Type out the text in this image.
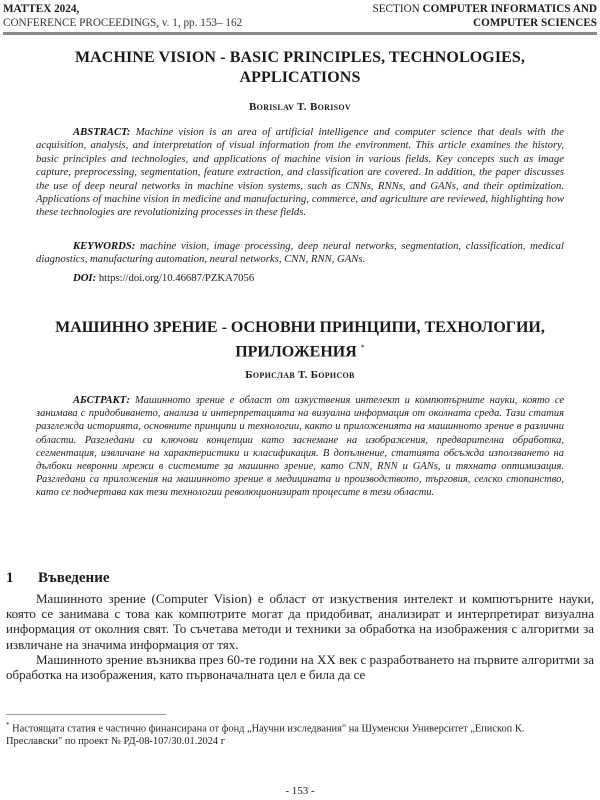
MATTEX 2024,
CONFERENCE PROCEEDINGS, v. 1, pp. 153– 162
SECTION COMPUTER INFORMATICS AND
COMPUTER SCIENCES
MACHINE VISION - BASIC PRINCIPLES, TECHNOLOGIES, APPLICATIONS
Borislav T. Borisov
ABSTRACT: Machine vision is an area of artificial intelligence and computer science that deals with the acquisition, analysis, and interpretation of visual information from the environment. This article examines the history, basic principles and technologies, and applications of machine vision in various fields. Key concepts such as image capture, preprocessing, segmentation, feature extraction, and classification are covered. In addition, the paper discusses the use of deep neural networks in machine vision systems, such as CNNs, RNNs, and GANs, and their optimization. Applications of machine vision in medicine and manufacturing, commerce, and agriculture are reviewed, highlighting how these technologies are revolutionizing processes in these fields.
KEYWORDS: machine vision, image processing, deep neural networks, segmentation, classification, medical diagnostics, manufacturing automation, neural networks, CNN, RNN, GANs.
DOI: https://doi.org/10.46687/PZKA7056
МАШИННО ЗРЕНИЕ - ОСНОВНИ ПРИНЦИПИ, ТЕХНОЛОГИИ, ПРИЛОЖЕНИЯ *
Борислав Т. Борисов
АБСТРАКТ: Машинното зрение е област от изкуствения интелект и компютърните науки, която се занимава с придобиването, анализа и интерпретацията на визуална информация от околната среда. Тази статия разглежда историята, основните принципи и технологии, както и приложенията на машинното зрение в различни области. Разгледани са ключови концепции като заснемане на изображения, предварителна обработка, сегментация, извличане на характеристики и класификация. В допълнение, статията обсъжда използването на дълбоки невронни мрежи в системите за машинно зрение, като CNN, RNN и GANs, и тяхната оптимизация. Разгледани са приложения на машинното зрение в медицината и производството, търговия, селско стопанство, като се подчертава как тези технологии революционизират процесите в тези области.
1 Въведение
Машинното зрение (Computer Vision) е област от изкуствения интелект и компютърните науки, която се занимава с това как компютрите могат да придобиват, анализират и интерпретират визуална информация от околния свят. То съчетава методи и техники за обработка на изображения с алгоритми за извличане на значима информация от тях.
Машинното зрение възниква през 60-те години на XX век с разработването на първите алгоритми за обработка на изображения, като първоначалната цел е била да се
* Настоящата статия е частично финансирана от фонд „Научни изследвания" на Шуменски Университет „Епископ К. Преславски" по проект № РД-08-107/30.01.2024 г
- 153 -
